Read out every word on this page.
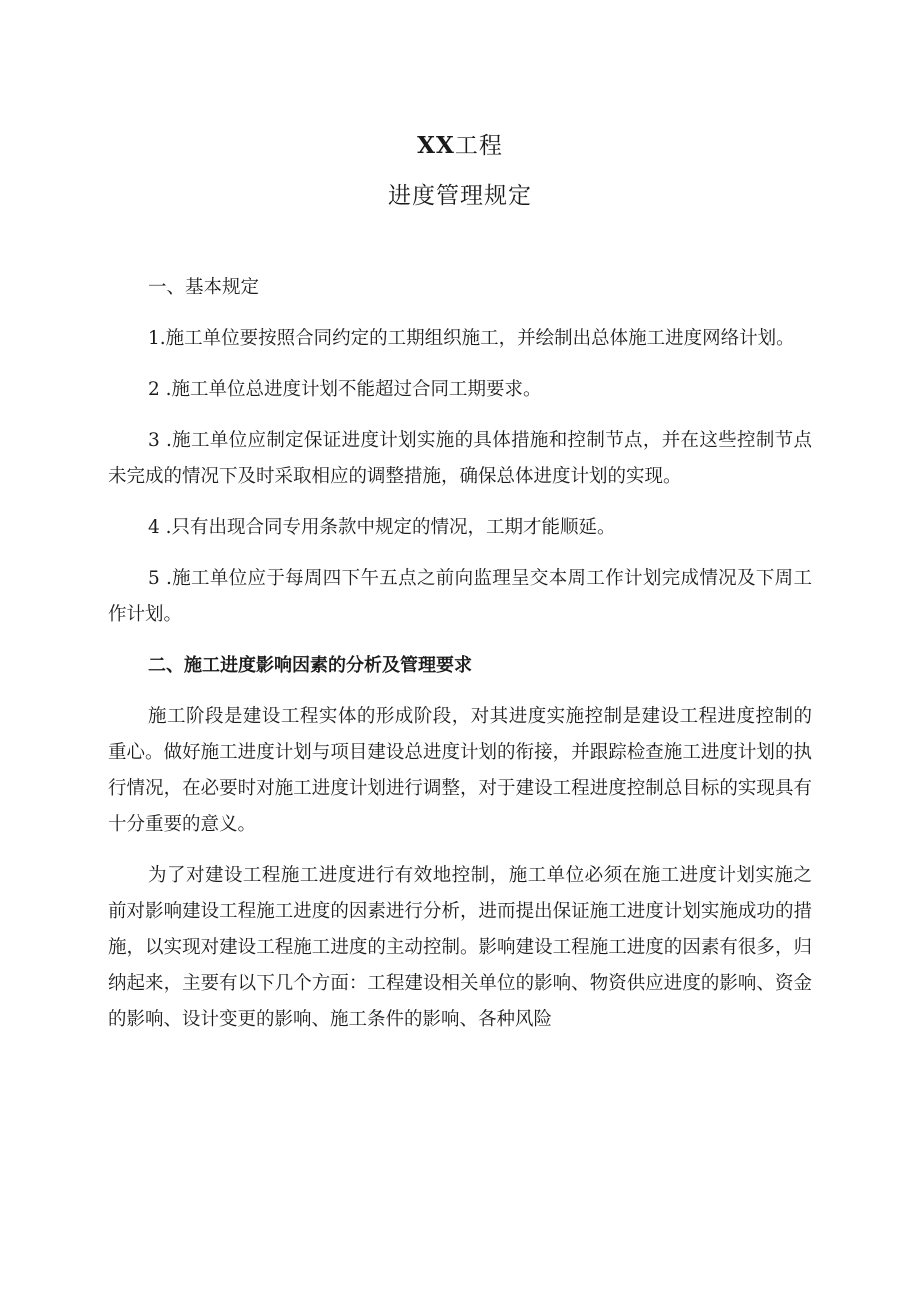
XX工程
进度管理规定

一、基本规定

1.施工单位要按照合同约定的工期组织施工，并绘制出总体施工进度网络计划。

2 .施工单位总进度计划不能超过合同工期要求。

3 .施工单位应制定保证进度计划实施的具体措施和控制节点，并在这些控制节点未完成的情况下及时采取相应的调整措施，确保总体进度计划的实现。

4 .只有出现合同专用条款中规定的情况，工期才能顺延。

5 .施工单位应于每周四下午五点之前向监理呈交本周工作计划完成情况及下周工作计划。

二、施工进度影响因素的分析及管理要求

施工阶段是建设工程实体的形成阶段，对其进度实施控制是建设工程进度控制的重心。做好施工进度计划与项目建设总进度计划的衔接，并跟踪检查施工进度计划的执行情况，在必要时对施工进度计划进行调整，对于建设工程进度控制总目标的实现具有十分重要的意义。

为了对建设工程施工进度进行有效地控制，施工单位必须在施工进度计划实施之前对影响建设工程施工进度的因素进行分析，进而提出保证施工进度计划实施成功的措施，以实现对建设工程施工进度的主动控制。影响建设工程施工进度的因素有很多，归纳起来，主要有以下几个方面：工程建设相关单位的影响、物资供应进度的影响、资金的影响、设计变更的影响、施工条件的影响、各种风险
